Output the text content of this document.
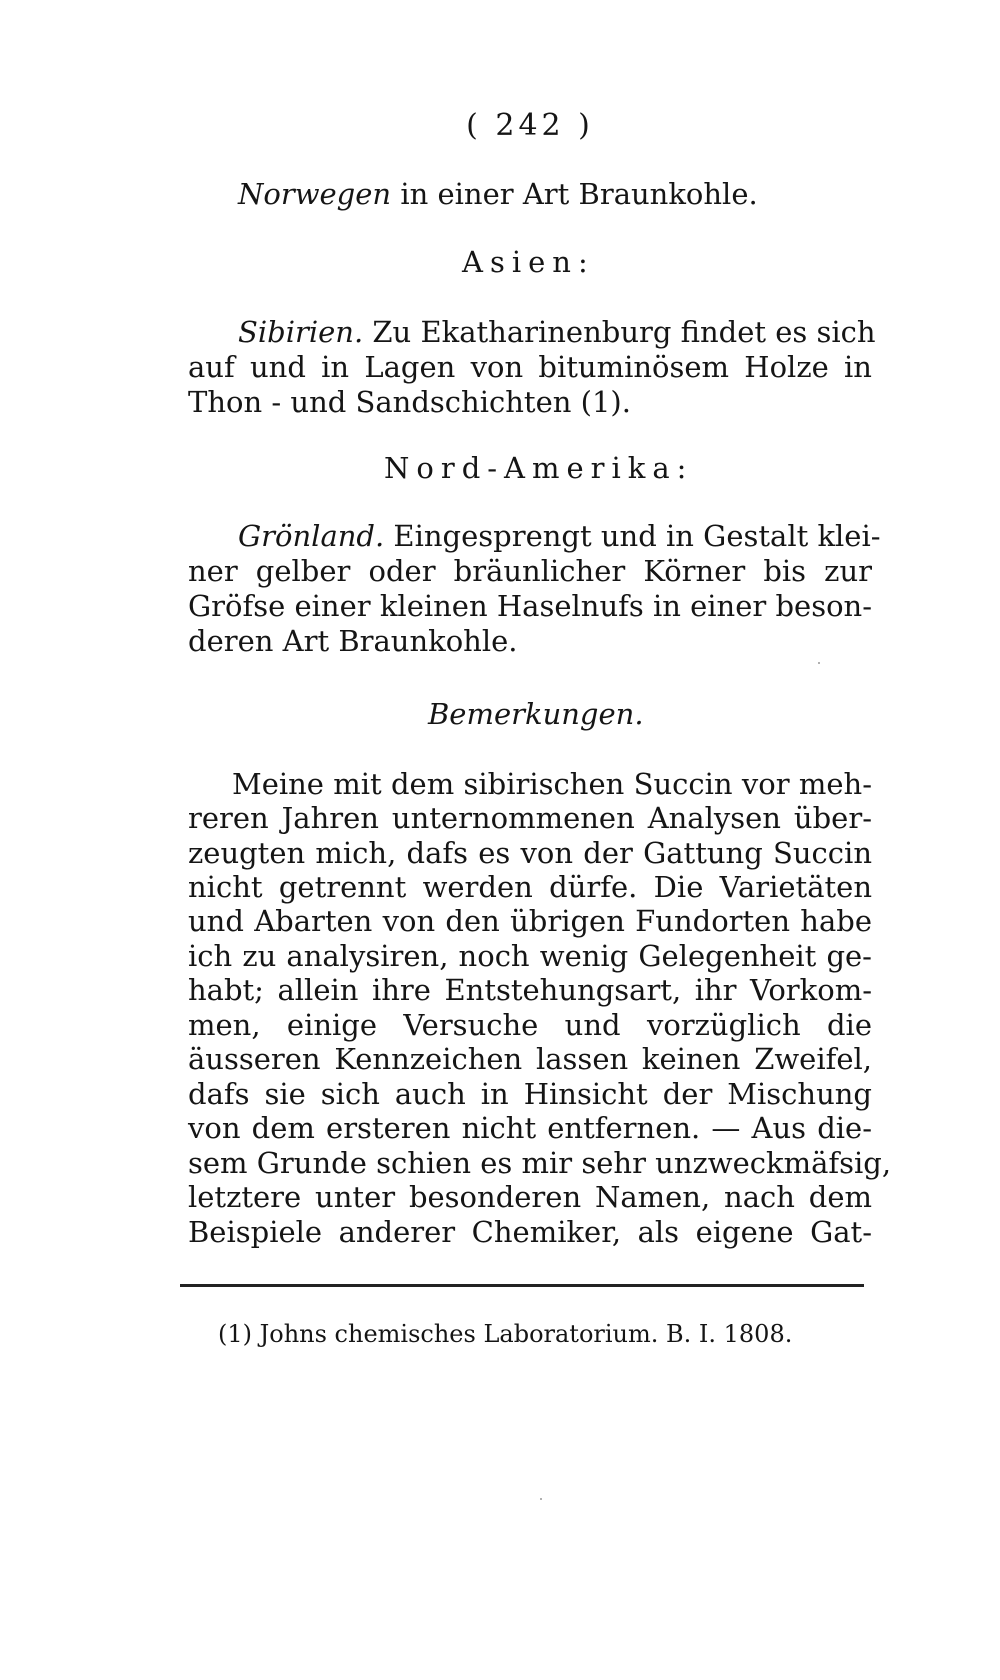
( 242 )
Norwegen in einer Art Braunkohle.
Asien:
Sibirien. Zu Ekatharinenburg findet es sich
auf und in Lagen von bituminösem Holze in
Thon - und Sandschichten (1).
Nord-Amerika:
Grönland. Eingesprengt und in Gestalt klei-
ner gelber oder bräunlicher Körner bis zur
Gröfse einer kleinen Haselnufs in einer beson-
deren Art Braunkohle.
Bemerkungen.
Meine mit dem sibirischen Succin vor meh-
reren Jahren unternommenen Analysen über-
zeugten mich, dafs es von der Gattung Succin
nicht getrennt werden dürfe. Die Varietäten
und Abarten von den übrigen Fundorten habe
ich zu analysiren, noch wenig Gelegenheit ge-
habt; allein ihre Entstehungsart, ihr Vorkom-
men, einige Versuche und vorzüglich die
äusseren Kennzeichen lassen keinen Zweifel,
dafs sie sich auch in Hinsicht der Mischung
von dem ersteren nicht entfernen. — Aus die-
sem Grunde schien es mir sehr unzweckmäfsig,
letztere unter besonderen Namen, nach dem
Beispiele anderer Chemiker, als eigene Gat-
(1) Johns chemisches Laboratorium. B. I. 1808.
